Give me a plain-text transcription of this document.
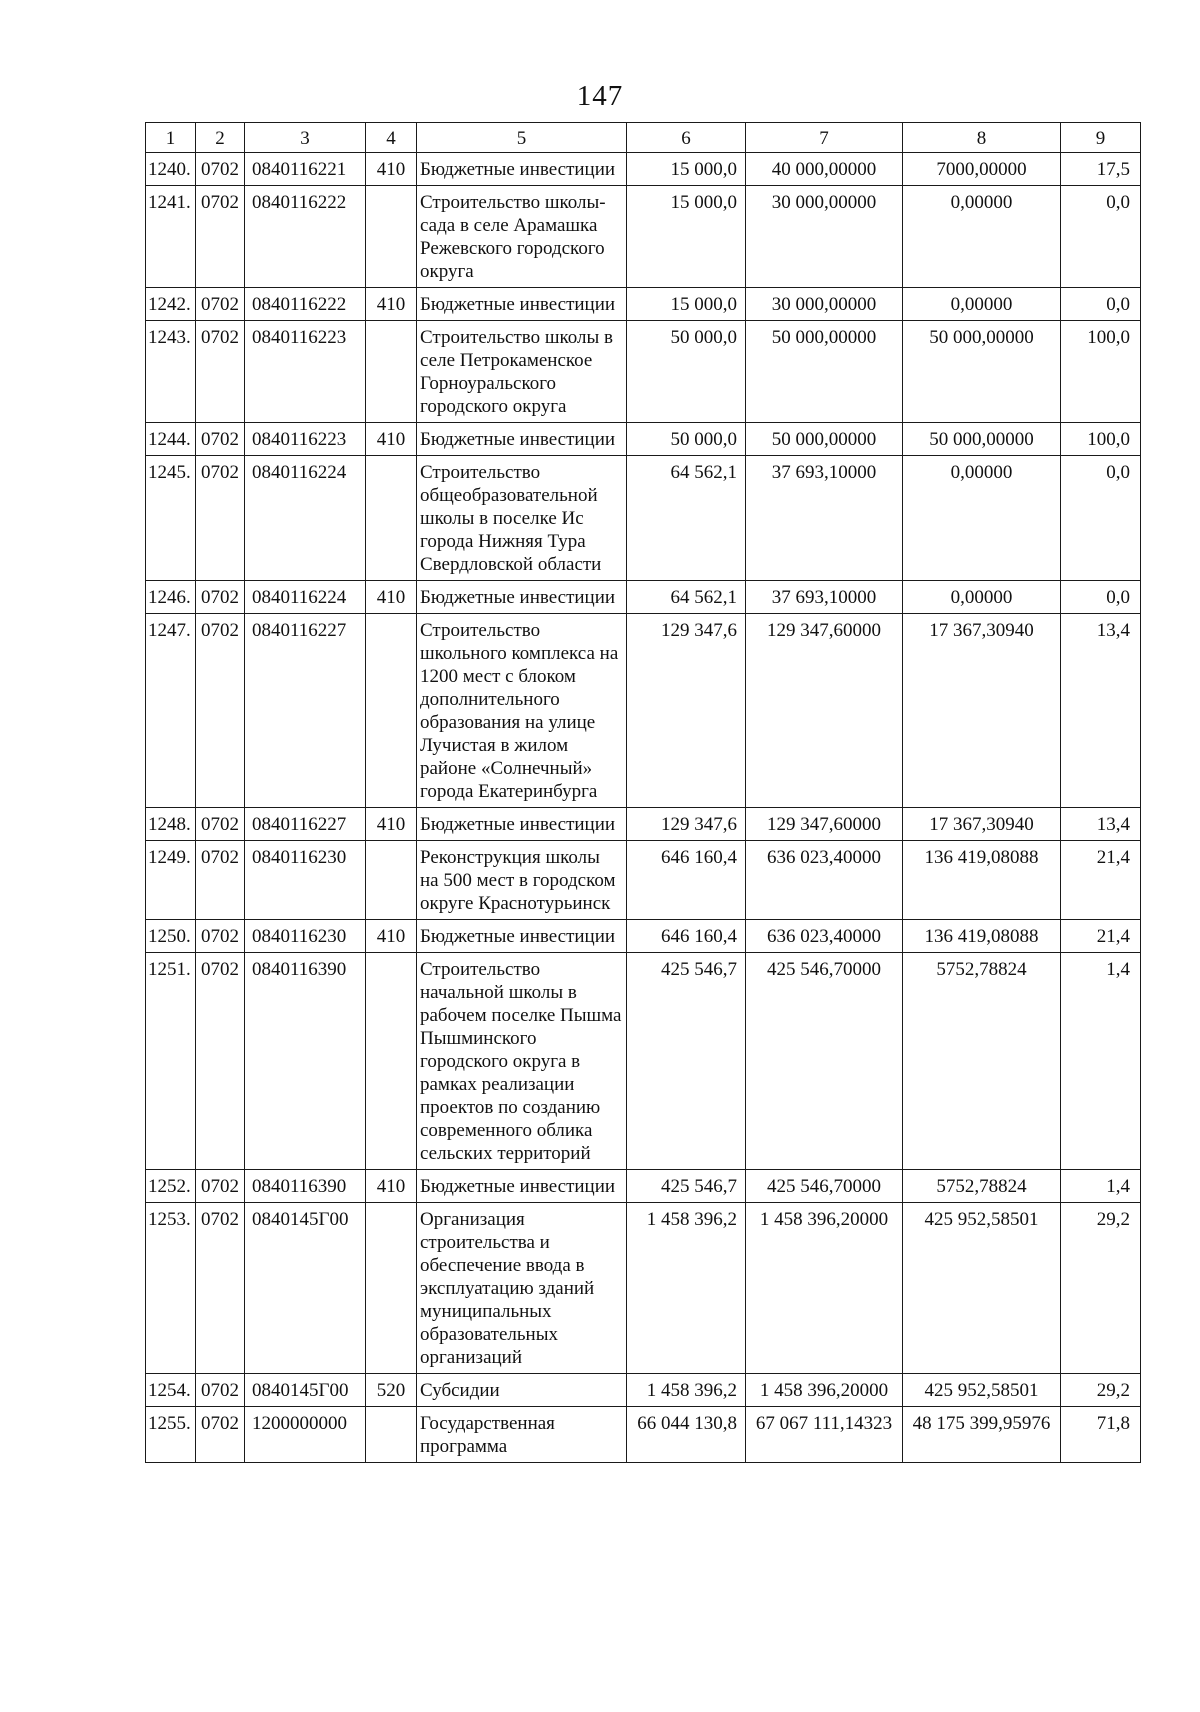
147
1	2	3	4	5	6	7	8	9
1240.	0702	0840116221	410	Бюджетные инвестиции	15 000,0	40 000,00000	7000,00000	17,5
1241.	0702	0840116222		Строительство школы-сада в селе Арамашка Режевского городского округа	15 000,0	30 000,00000	0,00000	0,0
1242.	0702	0840116222	410	Бюджетные инвестиции	15 000,0	30 000,00000	0,00000	0,0
1243.	0702	0840116223		Строительство школы в селе Петрокаменское Горноуральского городского округа	50 000,0	50 000,00000	50 000,00000	100,0
1244.	0702	0840116223	410	Бюджетные инвестиции	50 000,0	50 000,00000	50 000,00000	100,0
1245.	0702	0840116224		Строительство общеобразовательной школы в поселке Ис города Нижняя Тура Свердловской области	64 562,1	37 693,10000	0,00000	0,0
1246.	0702	0840116224	410	Бюджетные инвестиции	64 562,1	37 693,10000	0,00000	0,0
1247.	0702	0840116227		Строительство школьного комплекса на 1200 мест с блоком дополнительного образования на улице Лучистая в жилом районе «Солнечный» города Екатеринбурга	129 347,6	129 347,60000	17 367,30940	13,4
1248.	0702	0840116227	410	Бюджетные инвестиции	129 347,6	129 347,60000	17 367,30940	13,4
1249.	0702	0840116230		Реконструкция школы на 500 мест в городском округе Краснотурьинск	646 160,4	636 023,40000	136 419,08088	21,4
1250.	0702	0840116230	410	Бюджетные инвестиции	646 160,4	636 023,40000	136 419,08088	21,4
1251.	0702	0840116390		Строительство начальной школы в рабочем поселке Пышма Пышминского городского округа в рамках реализации проектов по созданию современного облика сельских территорий	425 546,7	425 546,70000	5752,78824	1,4
1252.	0702	0840116390	410	Бюджетные инвестиции	425 546,7	425 546,70000	5752,78824	1,4
1253.	0702	0840145Г00		Организация строительства и обеспечение ввода в эксплуатацию зданий муниципальных образовательных организаций	1 458 396,2	1 458 396,20000	425 952,58501	29,2
1254.	0702	0840145Г00	520	Субсидии	1 458 396,2	1 458 396,20000	425 952,58501	29,2
1255.	0702	1200000000		Государственная программа	66 044 130,8	67 067 111,14323	48 175 399,95976	71,8
